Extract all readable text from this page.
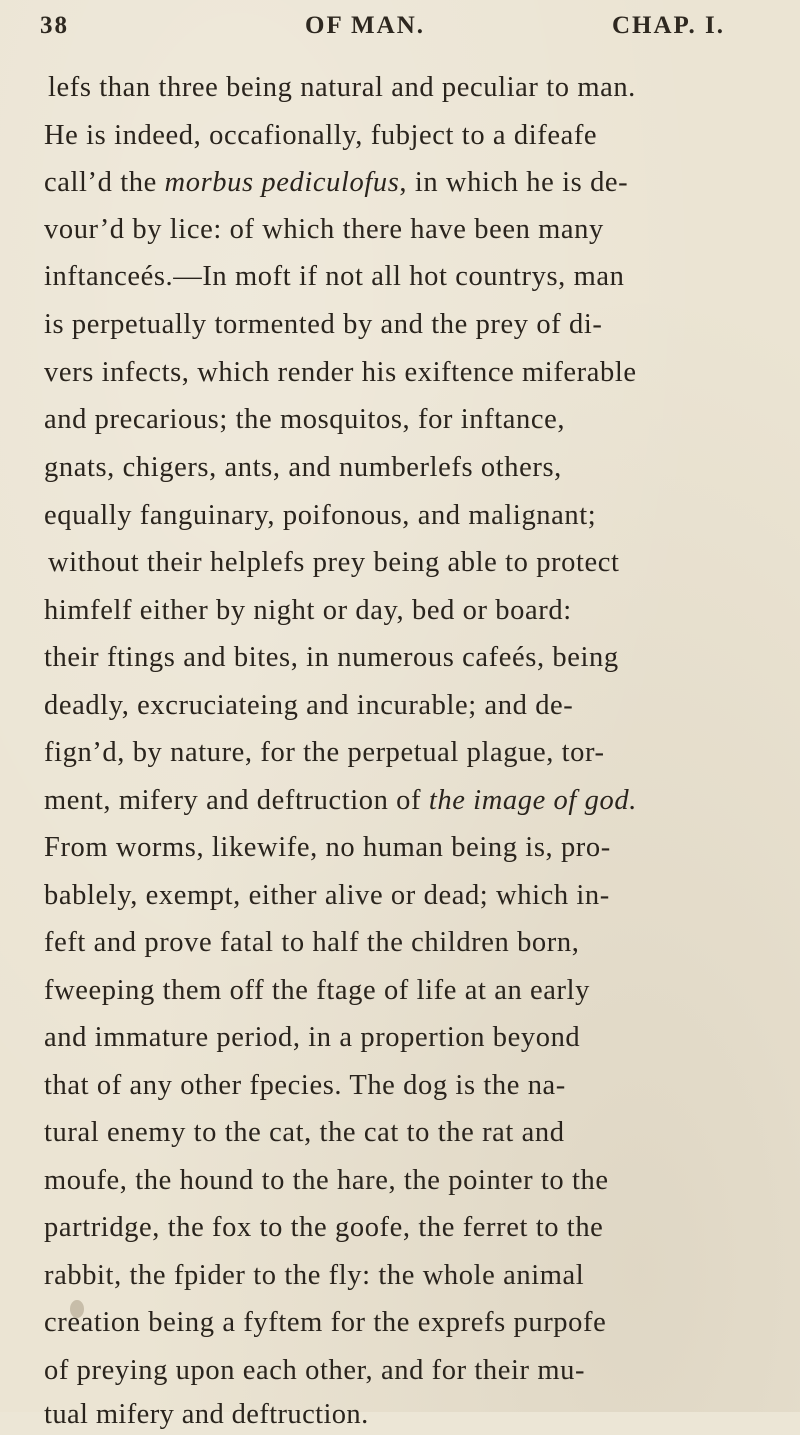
38	OF MAN.	CHAP. I.
lefs than three being natural and peculiar to man.
He is indeed, occafionally, fubject to a difeafe
call’d the morbus pediculofus, in which he is de-
vour’d by lice: of which there have been many
inftanceés.—In moft if not all hot countrys, man
is perpetually tormented by and the prey of di-
vers infects, which render his exiftence miferable
and precarious; the mosquitos, for inftance,
gnats, chigers, ants, and numberlefs others,
equally fanguinary, poifonous, and malignant;
without their helplefs prey being able to protect
himfelf either by night or day, bed or board:
their ftings and bites, in numerous cafeés, being
deadly, excruciateing and incurable; and de-
fign’d, by nature, for the perpetual plague, tor-
ment, mifery and deftruction of the image of god.
From worms, likewife, no human being is, pro-
bablely, exempt, either alive or dead; which in-
feft and prove fatal to half the children born,
fweeping them off the ftage of life at an early
and immature period, in a propertion beyond
that of any other fpecies. The dog is the na-
tural enemy to the cat, the cat to the rat and
moufe, the hound to the hare, the pointer to the
partridge, the fox to the goofe, the ferret to the
rabbit, the fpider to the fly: the whole animal
creation being a fyftem for the exprefs purpofe
of preying upon each other, and for their mu-
tual mifery and deftruction.
